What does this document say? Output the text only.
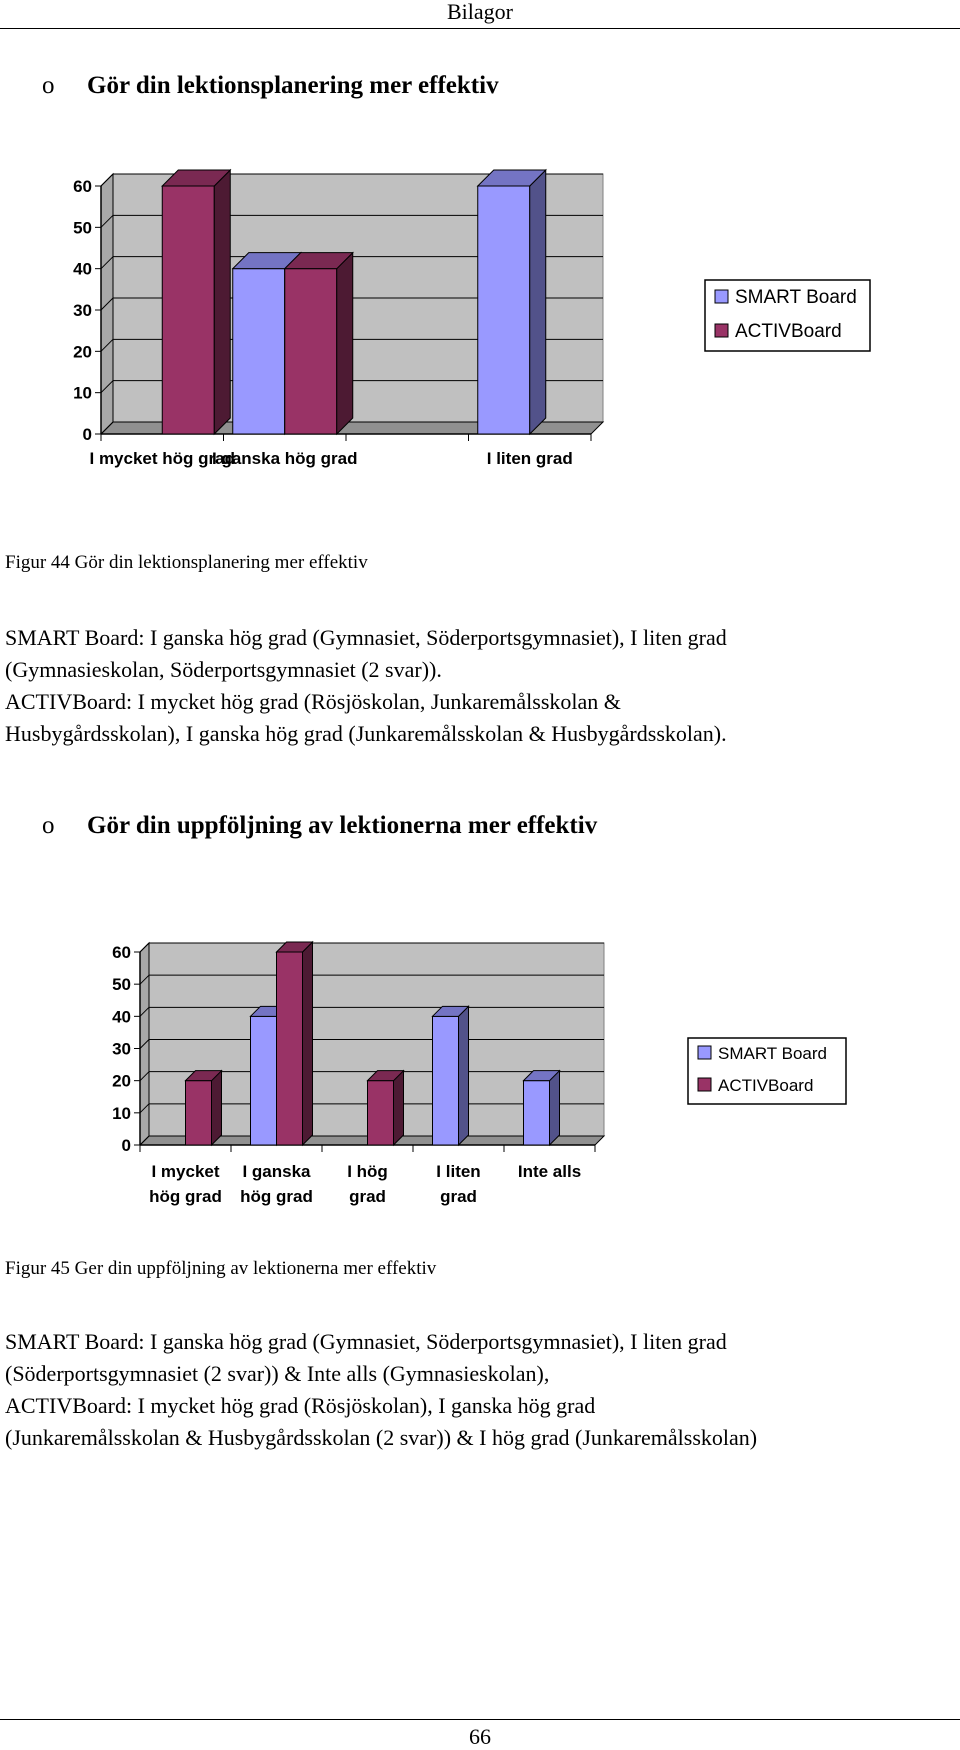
Bilagor
o Gör din lektionsplanering mer effektiv
0
10
20
30
40
50
60
I mycket hög grad
I ganska hög grad	I liten grad
SMART Board
ACTIVBoard
Figur 44 Gör din lektionsplanering mer effektiv

SMART Board: I ganska hög grad (Gymnasiet, Söderportsgymnasiet), I liten grad

(Gymnasieskolan, Söderportsgymnasiet (2 svar)).

ACTIVBoard: I mycket hög grad (Rösjöskolan, Junkaremålsskolan &

Husbygårdsskolan), I ganska hög grad (Junkaremålsskolan & Husbygårdsskolan).

o Gör din uppföljning av lektionerna mer effektiv
0
10
20
30
40
50
60
I mycket
hög grad
I ganska
hög grad
I hög
grad
I liten
grad
Inte alls
SMART Board
ACTIVBoard
Figur 45 Ger din uppföljning av lektionerna mer effektiv

SMART Board: I ganska hög grad (Gymnasiet, Söderportsgymnasiet), I liten grad

(Söderportsgymnasiet (2 svar)) & Inte alls (Gymnasieskolan),

ACTIVBoard: I mycket hög grad (Rösjöskolan), I ganska hög grad

(Junkaremålsskolan & Husbygårdsskolan (2 svar)) & I hög grad (Junkaremålsskolan)

66
